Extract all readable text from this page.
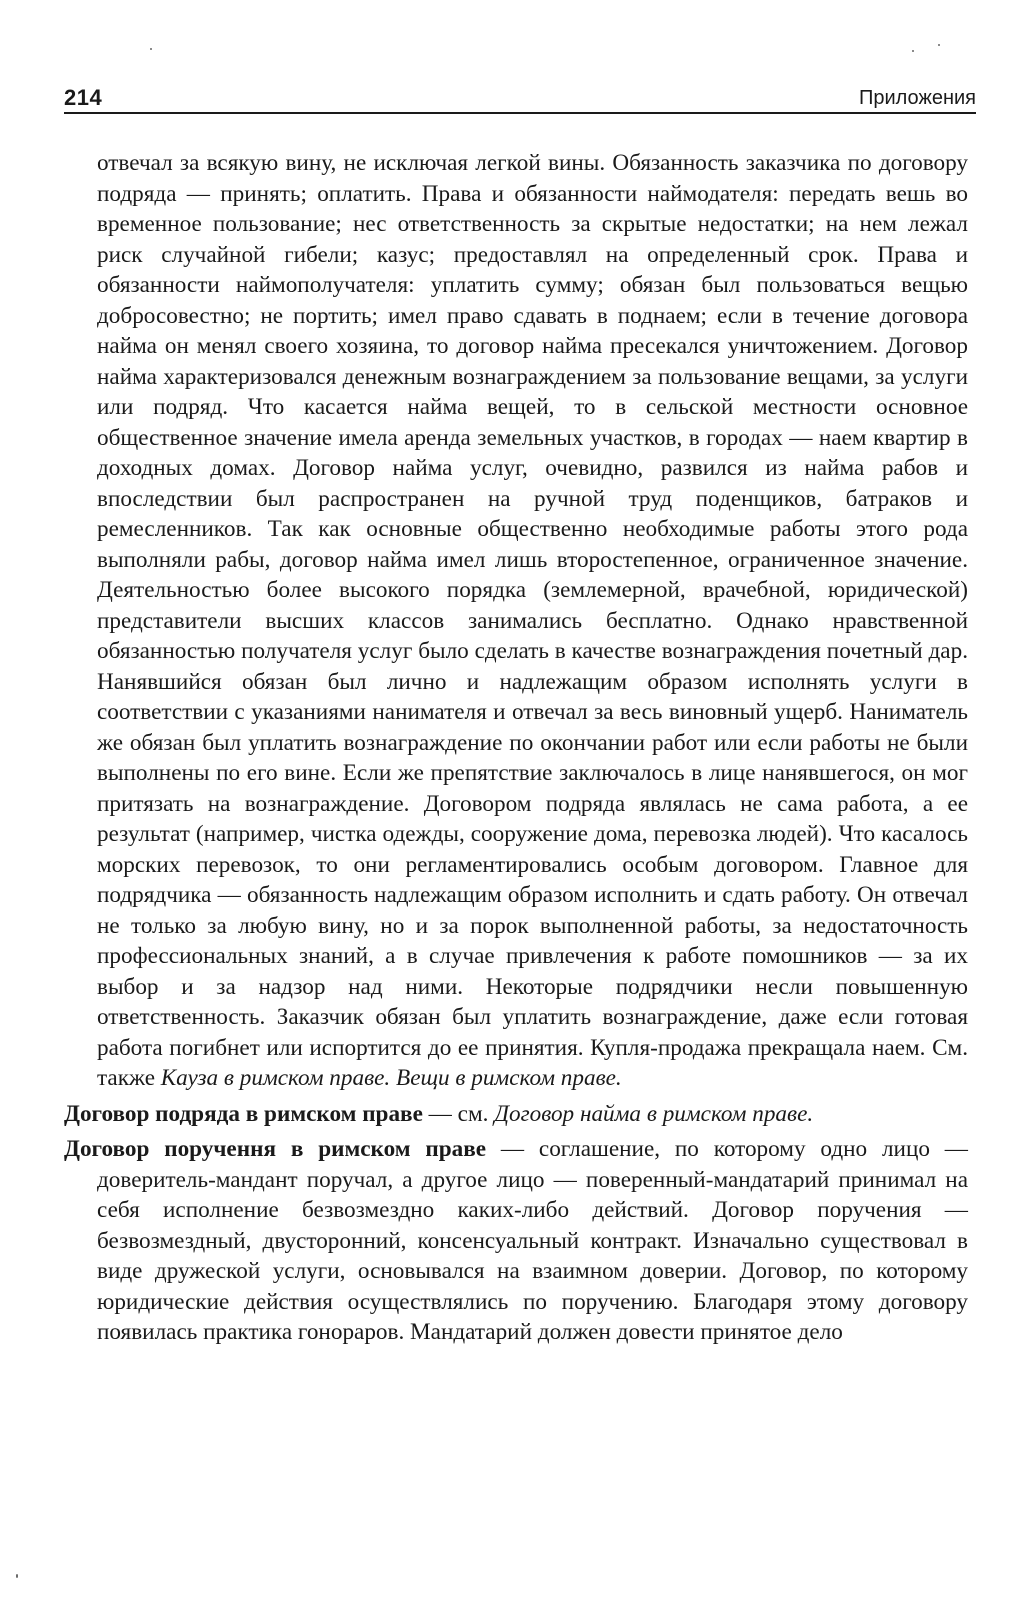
214	Приложения

отвечал за всякую вину, не исключая легкой вины. Обязанность заказчика по договору подряда — принять; оплатить. Права и обязанности наймодателя: передать вешь во временное пользование; нес ответственность за скрытые недостатки; на нем лежал риск случайной гибели; казус; предоставлял на определенный срок. Права и обязанности наймополучателя: уплатить сумму; обязан был пользоваться вещью добросовестно; не портить; имел право сдавать в поднаем; если в течение договора найма он менял своего хозяина, то договор найма пресекался уничтожением. Договор найма характеризовался денежным вознаграждением за пользование вещами, за услуги или подряд. Что касается найма вещей, то в сельской местности основное общественное значение имела аренда земельных участков, в городах — наем квартир в доходных домах. Договор найма услуг, очевидно, развился из найма рабов и впоследствии был распространен на ручной труд поденщиков, батраков и ремесленников. Так как основные общественно необходимые работы этого рода выполняли рабы, договор найма имел лишь второстепенное, ограниченное значение. Деятельностью более высокого порядка (землемерной, врачебной, юридической) представители высших классов занимались бесплатно. Однако нравственной обязанностью получателя услуг было сделать в качестве вознаграждения почетный дар. Нанявшийся обязан был лично и надлежащим образом исполнять услуги в соответствии с указаниями нанимателя и отвечал за весь виновный ущерб. Наниматель же обязан был уплатить вознаграждение по окончании работ или если работы не были выполнены по его вине. Если же препятствие заключалось в лице нанявшегося, он мог притязать на вознаграждение. Договором подряда являлась не сама работа, а ее результат (например, чистка одежды, сооружение дома, перевозка людей). Что касалось морских перевозок, то они регламентировались особым договором. Главное для подрядчика — обязанность надлежащим образом исполнить и сдать работу. Он отвечал не только за любую вину, но и за порок выполненной работы, за недостаточность профессиональных знаний, а в случае привлечения к работе помошников — за их выбор и за надзор над ними. Некоторые подрядчики несли повышенную ответственность. Заказчик обязан был уплатить вознаграждение, даже если готовая работа погибнет или испортится до ее принятия. Купля-продажа прекращала наем. См. также Кауза в римском праве. Вещи в римском праве.

Договор подряда в римском праве — см. Договор найма в римском праве.

Договор поручення в римском праве — соглашение, по которому одно лицо — доверитель-мандант поручал, а другое лицо — поверенный-мандатарий принимал на себя исполнение безвозмездно каких-либо действий. Договор поручения — безвозмездный, двусторонний, консенсуальный контракт. Изначально существовал в виде дружеской услуги, основывался на взаимном доверии. Договор, по которому юридические действия осуществлялись по поручению. Благодаря этому договору появилась практика гонораров. Мандатарий должен довести принятое дело
